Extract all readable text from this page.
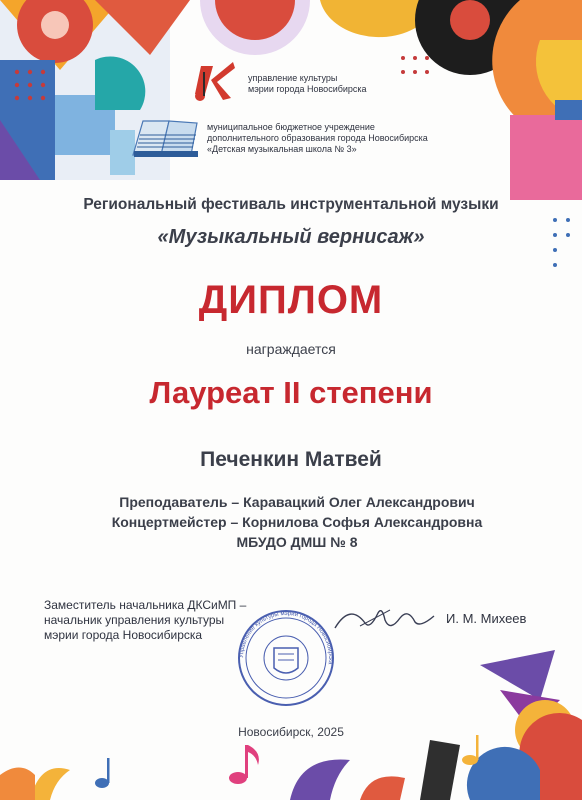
управление культуры
мэрии города Новосибирска
муниципальное бюджетное учреждение
дополнительного образования города Новосибирска
«Детская музыкальная школа № 3»
Региональный фестиваль инструментальной музыки
«Музыкальный вернисаж»
ДИПЛОМ
награждается
Лауреат II степени
Печенкин Матвей
Преподаватель – Каравацкий Олег Александрович
Концертмейстер – Корнилова Софья Александровна
МБУДО ДМШ № 8
Заместитель начальника ДКСиМП –
начальник управления культуры
мэрии города Новосибирска
И. М. Михеев
Управление культуры мэрии города Новосибирска
Новосибирск, 2025
